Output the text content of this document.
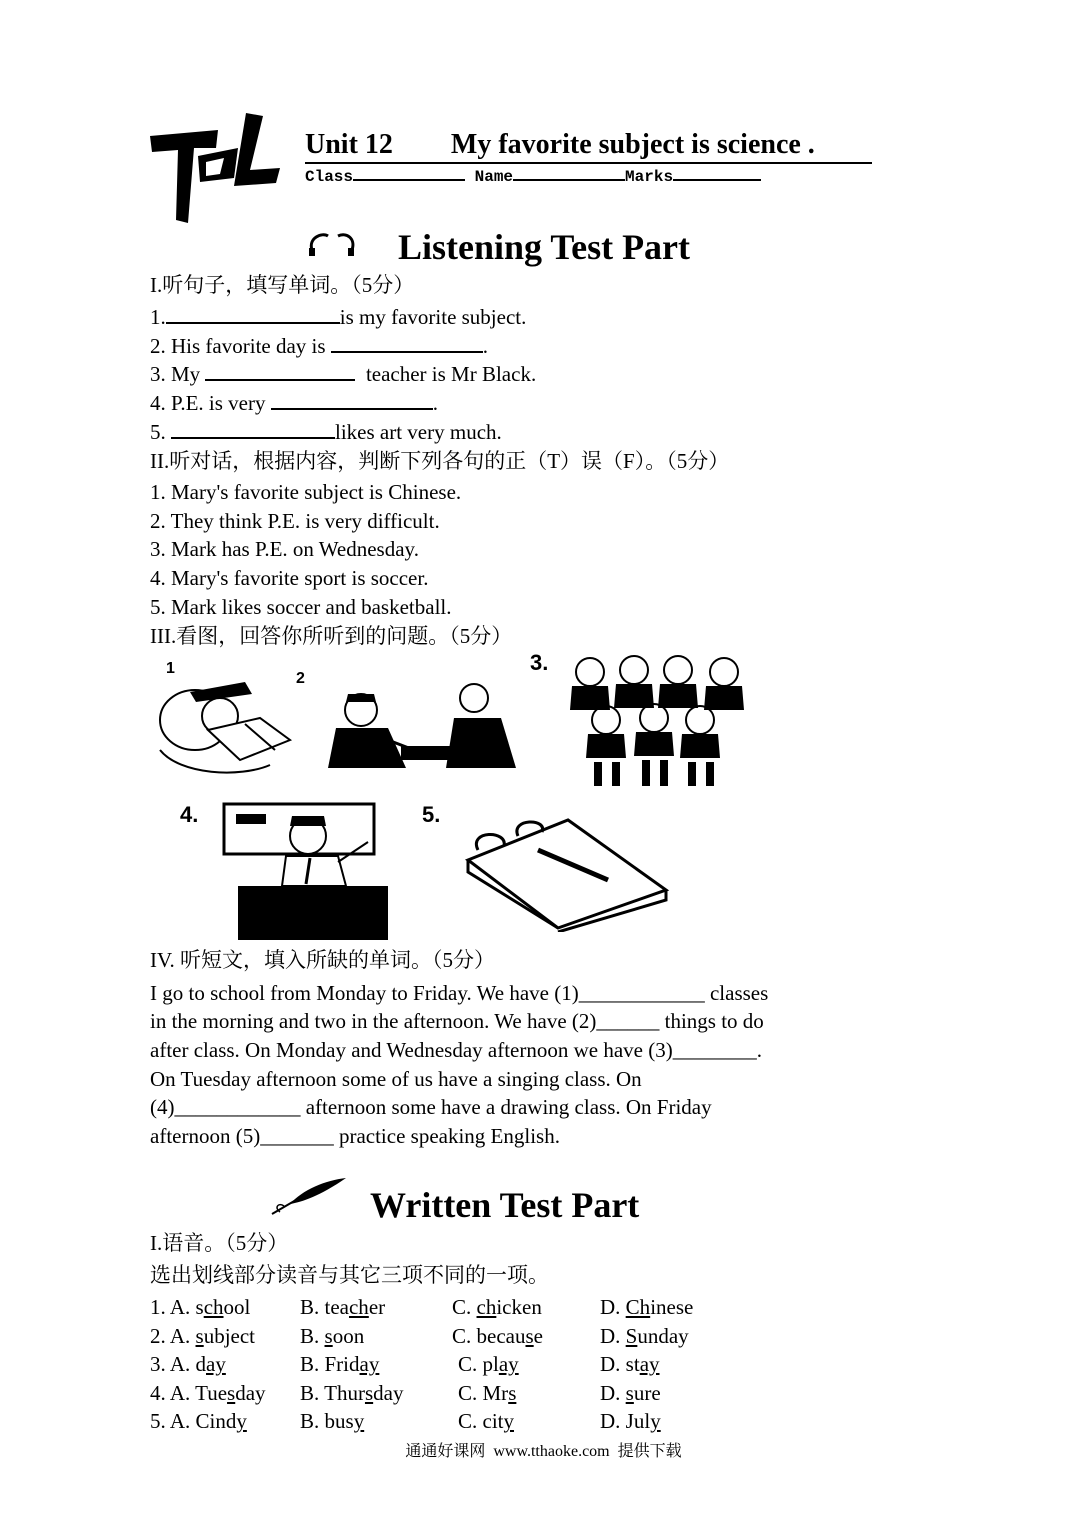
Unit 12 My favorite subject is science .
Class	Name	Marks
Listening Test Part
I.听句子，填写单词。（5分）
1.	is my favorite subject.
2. His favorite day is	.
3. My	teacher is Mr Black.
4. P.E. is very	.
5.	likes art very much.
II.听对话，根据内容，判断下列各句的正（T）误（F）。（5分）
1. Mary's favorite subject is Chinese.
2. They think P.E. is very difficult.
3. Mark has P.E. on Wednesday.
4. Mary's favorite sport is soccer.
5. Mark likes soccer and basketball.
III.看图，回答你所听到的问题。（5分）
1
2
3.
4.	5.
IV. 听短文，填入所缺的单词。（5分）
I go to school from Monday to Friday. We have (1)____________ classes
in the morning and two in the afternoon. We have (2)______ things to do
after class. On Monday and Wednesday afternoon we have (3)________.
On Tuesday afternoon some of us have a singing class. On
(4)____________ afternoon some have a drawing class. On Friday
afternoon (5)_______ practice speaking English.
Written Test Part
I.语音。（5分）
选出划线部分读音与其它三项不同的一项。
1. A. school B. teacher	C. chicken	D. Chinese
2. A. subject B. soon	C. because	D. Sunday
3. A. day	B. Friday	C. play	D. stay
4. A. Tuesday B. Thursday	C. Mrs	D. sure
5. A. Cindy	B. busy	C. city	D. July
通通好课网  www.tthaoke.com  提供下载
